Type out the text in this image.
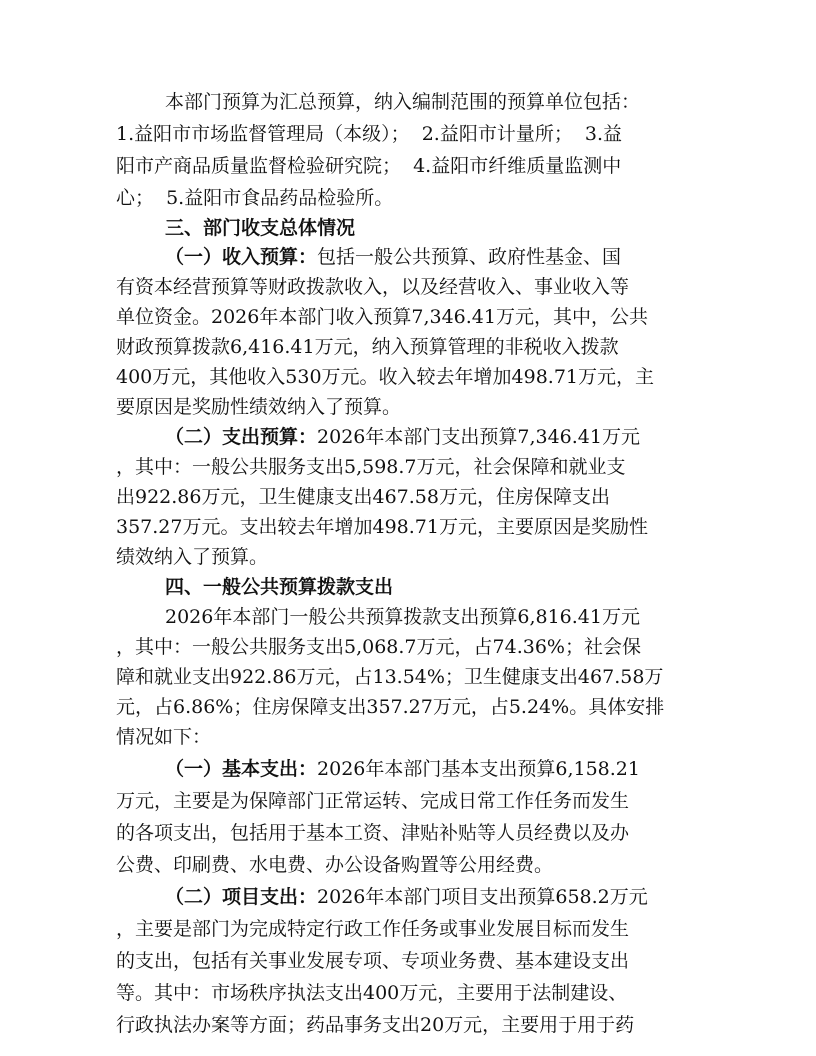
本部门预算为汇总预算，纳入编制范围的预算单位包括：
1.益阳市市场监督管理局（本级）；  2.益阳市计量所；  3.益
阳市产商品质量监督检验研究院；  4.益阳市纤维质量监测中
心；  5.益阳市食品药品检验所。
三、部门收支总体情况
（一）收入预算：包括一般公共预算、政府性基金、国
有资本经营预算等财政拨款收入，以及经营收入、事业收入等
单位资金。2026年本部门收入预算7,346.41万元，其中，公共
财政预算拨款6,416.41万元，纳入预算管理的非税收入拨款
400万元，其他收入530万元。收入较去年增加498.71万元，主
要原因是奖励性绩效纳入了预算。
（二）支出预算：2026年本部门支出预算7,346.41万元
，其中：一般公共服务支出5,598.7万元，社会保障和就业支
出922.86万元，卫生健康支出467.58万元，住房保障支出
357.27万元。支出较去年增加498.71万元，主要原因是奖励性
绩效纳入了预算。
四、一般公共预算拨款支出
2026年本部门一般公共预算拨款支出预算6,816.41万元
，其中：一般公共服务支出5,068.7万元，占74.36%；社会保
障和就业支出922.86万元，占13.54%；卫生健康支出467.58万
元，占6.86%；住房保障支出357.27万元，占5.24%。具体安排
情况如下：
（一）基本支出：2026年本部门基本支出预算6,158.21
万元，主要是为保障部门正常运转、完成日常工作任务而发生
的各项支出，包括用于基本工资、津贴补贴等人员经费以及办
公费、印刷费、水电费、办公设备购置等公用经费。
（二）项目支出：2026年本部门项目支出预算658.2万元
，主要是部门为完成特定行政工作任务或事业发展目标而发生
的支出，包括有关事业发展专项、专项业务费、基本建设支出
等。其中：市场秩序执法支出400万元，主要用于法制建设、
行政执法办案等方面；药品事务支出20万元，主要用于用于药
